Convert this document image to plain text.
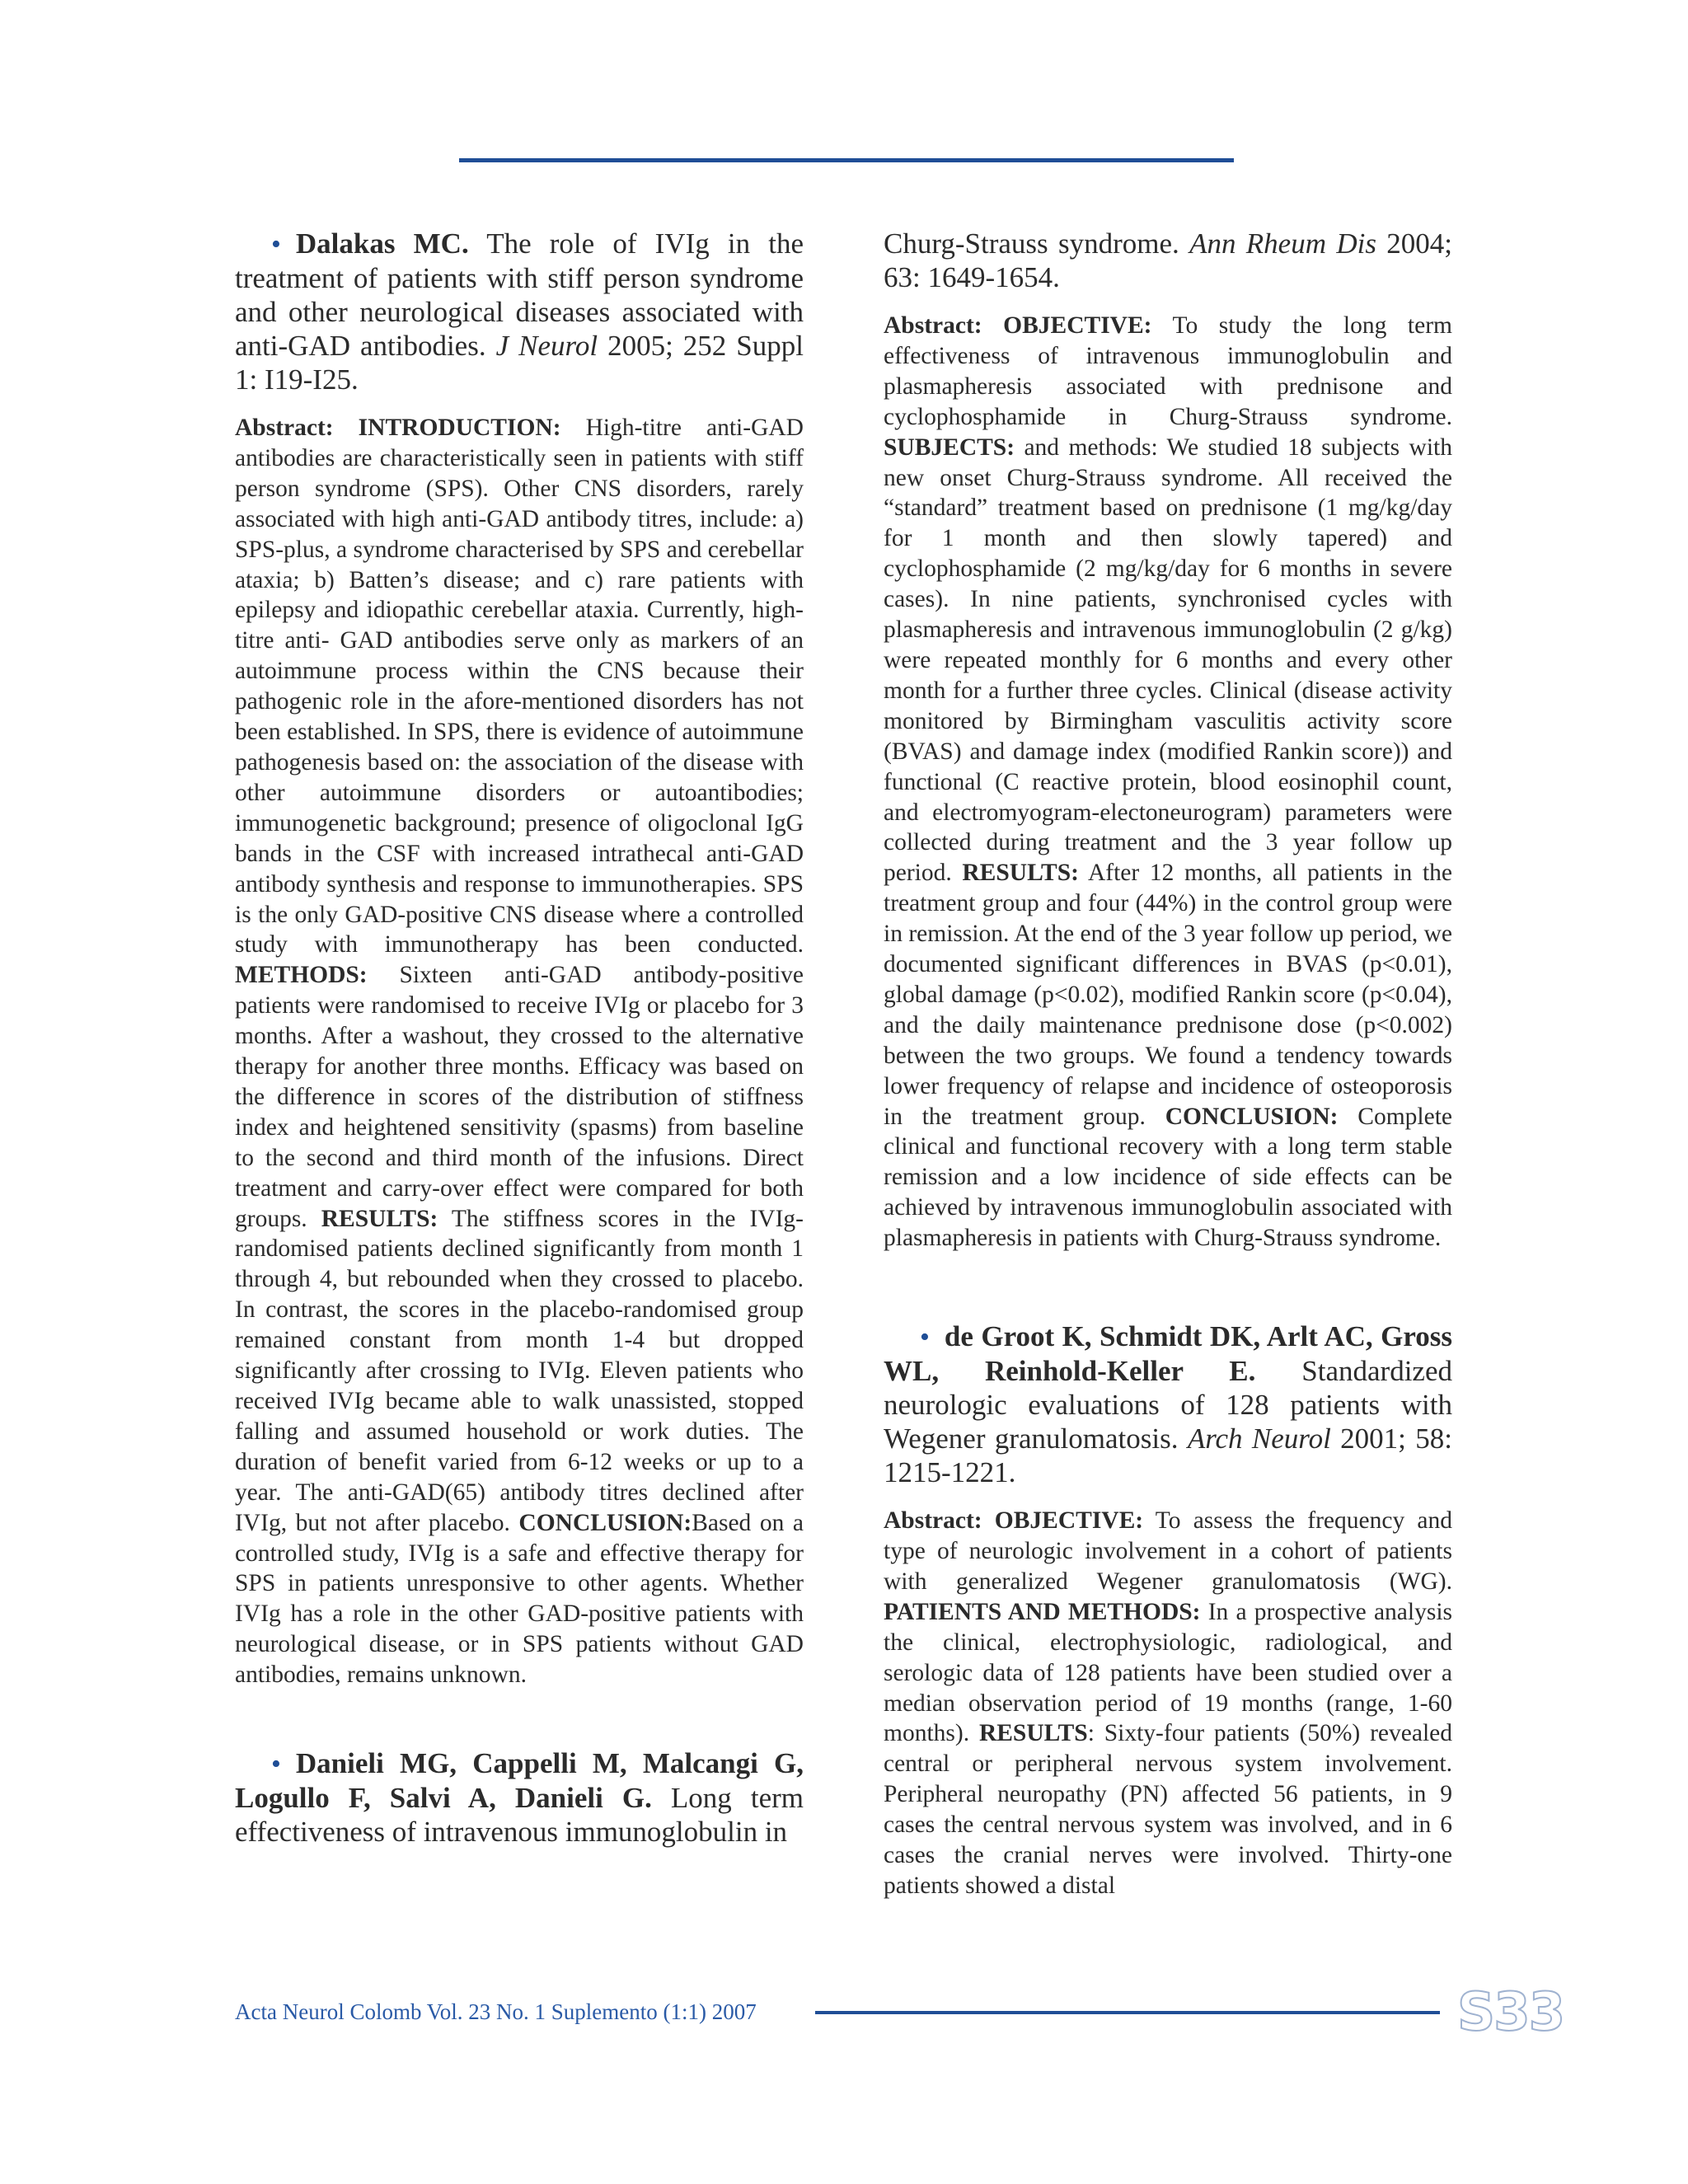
• Dalakas MC. The role of IVIg in the treatment of patients with stiff person syndrome and other neurological diseases associated with anti-GAD antibodies. J Neurol 2005; 252 Suppl 1: I19-I25.

Abstract: INTRODUCTION: High-titre anti-GAD antibodies are characteristically seen in patients with stiff person syndrome (SPS). Other CNS disorders, rarely associated with high anti-GAD antibody titres, include: a) SPS-plus, a syndrome characterised by SPS and cerebellar ataxia; b) Batten’s disease; and c) rare patients with epilepsy and idiopathic cerebellar ataxia. Currently, high-titre anti- GAD antibodies serve only as markers of an autoimmune process within the CNS because their pathogenic role in the afore-mentioned disorders has not been established. In SPS, there is evidence of autoimmune pathogenesis based on: the association of the disease with other autoimmune disorders or autoantibodies; immunogenetic background; presence of oligoclonal IgG bands in the CSF with increased intrathecal anti-GAD antibody synthesis and response to immunotherapies. SPS is the only GAD-positive CNS disease where a controlled study with immunotherapy has been conducted. METHODS: Sixteen anti-GAD antibody-positive patients were randomised to receive IVIg or placebo for 3 months. After a washout, they crossed to the alternative therapy for another three months. Efficacy was based on the difference in scores of the distribution of stiffness index and heightened sensitivity (spasms) from baseline to the second and third month of the infusions. Direct treatment and carry-over effect were compared for both groups. RESULTS: The stiffness scores in the IVIg-randomised patients declined significantly from month 1 through 4, but rebounded when they crossed to placebo. In contrast, the scores in the placebo-randomised group remained constant from month 1-4 but dropped significantly after crossing to IVIg. Eleven patients who received IVIg became able to walk unassisted, stopped falling and assumed household or work duties. The duration of benefit varied from 6-12 weeks or up to a year. The anti-GAD(65) antibody titres declined after IVIg, but not after placebo. CONCLUSION:Based on a controlled study, IVIg is a safe and effective therapy for SPS in patients unresponsive to other agents. Whether IVIg has a role in the other GAD-positive patients with neurological disease, or in SPS patients without GAD antibodies, remains unknown.

• Danieli MG, Cappelli M, Malcangi G, Logullo F, Salvi A, Danieli G. Long term effectiveness of intravenous immunoglobulin in

Churg-Strauss syndrome. Ann Rheum Dis 2004; 63: 1649-1654.

Abstract: OBJECTIVE: To study the long term effectiveness of intravenous immunoglobulin and plasmapheresis associated with prednisone and cyclophosphamide in Churg-Strauss syndrome. SUBJECTS: and methods: We studied 18 subjects with new onset Churg-Strauss syndrome. All received the “standard” treatment based on prednisone (1 mg/kg/day for 1 month and then slowly tapered) and cyclophosphamide (2 mg/kg/day for 6 months in severe cases). In nine patients, synchronised cycles with plasmapheresis and intravenous immunoglobulin (2 g/kg) were repeated monthly for 6 months and every other month for a further three cycles. Clinical (disease activity monitored by Birmingham vasculitis activity score (BVAS) and damage index (modified Rankin score)) and functional (C reactive protein, blood eosinophil count, and electromyogram-electoneurogram) parameters were collected during treatment and the 3 year follow up period. RESULTS: After 12 months, all patients in the treatment group and four (44%) in the control group were in remission. At the end of the 3 year follow up period, we documented significant differences in BVAS (p<0.01), global damage (p<0.02), modified Rankin score (p<0.04), and the daily maintenance prednisone dose (p<0.002) between the two groups. We found a tendency towards lower frequency of relapse and incidence of osteoporosis in the treatment group. CONCLUSION: Complete clinical and functional recovery with a long term stable remission and a low incidence of side effects can be achieved by intravenous immunoglobulin associated with plasmapheresis in patients with Churg-Strauss syndrome.

• de Groot K, Schmidt DK, Arlt AC, Gross WL, Reinhold-Keller E. Standardized neurologic evaluations of 128 patients with Wegener granulomatosis. Arch Neurol 2001; 58: 1215-1221.

Abstract: OBJECTIVE: To assess the frequency and type of neurologic involvement in a cohort of patients with generalized Wegener granulomatosis (WG). PATIENTS AND METHODS: In a prospective analysis the clinical, electrophysiologic, radiological, and serologic data of 128 patients have been studied over a median observation period of 19 months (range, 1-60 months). RESULTS: Sixty-four patients (50%) revealed central or peripheral nervous system involvement. Peripheral neuropathy (PN) affected 56 patients, in 9 cases the central nervous system was involved, and in 6 cases the cranial nerves were involved. Thirty-one patients showed a distal

Acta Neurol Colomb Vol. 23 No. 1 Suplemento (1:1) 2007	S33
